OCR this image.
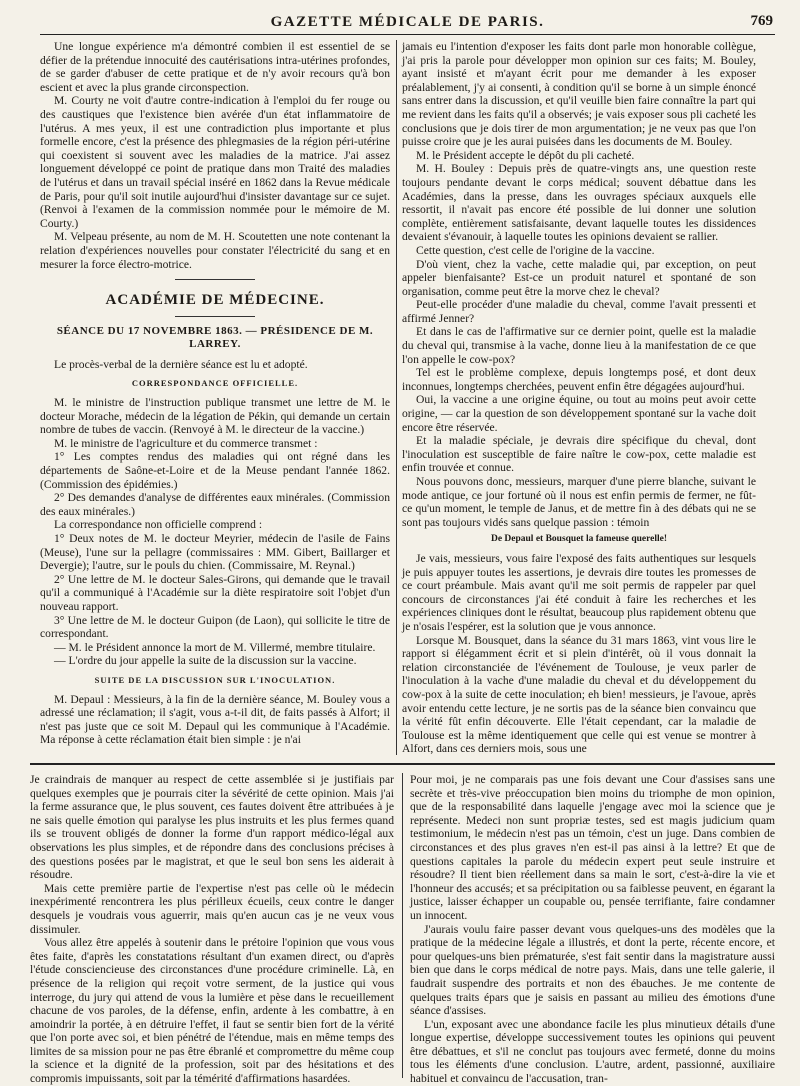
GAZETTE MÉDICALE DE PARIS.	769

Une longue expérience m'a démontré combien il est essentiel de se défier de la prétendue innocuité des cautérisations intra-utérines profondes, de se garder d'abuser de cette pratique et de n'y avoir recours qu'à bon escient et avec la plus grande circonspection.

M. Courty ne voit d'autre contre-indication à l'emploi du fer rouge ou des caustiques que l'existence bien avérée d'un état inflammatoire de l'utérus. A mes yeux, il est une contradiction plus importante et plus formelle encore, c'est la présence des phlegmasies de la région péri-utérine qui coexistent si souvent avec les maladies de la matrice. J'ai assez longuement développé ce point de pratique dans mon Traité des maladies de l'utérus et dans un travail spécial inséré en 1862 dans la Revue médicale de Paris, pour qu'il soit inutile aujourd'hui d'insister davantage sur ce sujet. (Renvoi à l'examen de la commission nommée pour le mémoire de M. Courty.)

M. Velpeau présente, au nom de M. H. Scoutetten une note contenant la relation d'expériences nouvelles pour constater l'électricité du sang et en mesurer la force électro-motrice.

ACADÉMIE DE MÉDECINE.
SÉANCE DU 17 NOVEMBRE 1863. — PRÉSIDENCE DE M. LARREY.

Le procès-verbal de la dernière séance est lu et adopté.

CORRESPONDANCE OFFICIELLE.

M. le ministre de l'instruction publique transmet une lettre de M. le docteur Morache, médecin de la légation de Pékin, qui demande un certain nombre de tubes de vaccin. (Renvoyé à M. le directeur de la vaccine.)

M. le ministre de l'agriculture et du commerce transmet :

1° Les comptes rendus des maladies qui ont régné dans les départements de Saône-et-Loire et de la Meuse pendant l'année 1862. (Commission des épidémies.)

2° Des demandes d'analyse de différentes eaux minérales. (Commission des eaux minérales.)

La correspondance non officielle comprend :

1° Deux notes de M. le docteur Meyrier, médecin de l'asile de Fains (Meuse), l'une sur la pellagre (commissaires : MM. Gibert, Baillarger et Devergie); l'autre, sur le pouls du chien. (Commissaire, M. Reynal.)

2° Une lettre de M. le docteur Sales-Girons, qui demande que le travail qu'il a communiqué à l'Académie sur la diète respiratoire soit l'objet d'un nouveau rapport.

3° Une lettre de M. le docteur Guipon (de Laon), qui sollicite le titre de correspondant.

— M. le Président annonce la mort de M. Villermé, membre titulaire.

— L'ordre du jour appelle la suite de la discussion sur la vaccine.

SUITE DE LA DISCUSSION SUR L'INOCULATION.

M. Depaul : Messieurs, à la fin de la dernière séance, M. Bouley vous a adressé une réclamation; il s'agit, vous a-t-il dit, de faits passés à Alfort; il n'est pas juste que ce soit M. Depaul qui les communique à l'Académie. Ma réponse à cette réclamation était bien simple : je n'ai

jamais eu l'intention d'exposer les faits dont parle mon honorable collègue, j'ai pris la parole pour développer mon opinion sur ces faits; M. Bouley, ayant insisté et m'ayant écrit pour me demander à les exposer préalablement, j'y ai consenti, à condition qu'il se borne à un simple énoncé sans entrer dans la discussion, et qu'il veuille bien faire connaître la part qui me revient dans les faits qu'il a observés; je vais exposer sous pli cacheté les conclusions que je dois tirer de mon argumentation; je ne veux pas que l'on puisse croire que je les aurai puisées dans les documents de M. Bouley.

M. le Président accepte le dépôt du pli cacheté.

M. H. Bouley : Depuis près de quatre-vingts ans, une question reste toujours pendante devant le corps médical; souvent débattue dans les Académies, dans la presse, dans les ouvrages spéciaux auxquels elle ressortit, il n'avait pas encore été possible de lui donner une solution complète, entièrement satisfaisante, devant laquelle toutes les dissidences devaient s'évanouir, à laquelle toutes les opinions devaient se rallier.

Cette question, c'est celle de l'origine de la vaccine.

D'où vient, chez la vache, cette maladie qui, par exception, on peut appeler bienfaisante? Est-ce un produit naturel et spontané de son organisation, comme peut être la morve chez le cheval?

Peut-elle procéder d'une maladie du cheval, comme l'avait pressenti et affirmé Jenner?

Et dans le cas de l'affirmative sur ce dernier point, quelle est la maladie du cheval qui, transmise à la vache, donne lieu à la manifestation de ce que l'on appelle le cow-pox?

Tel est le problème complexe, depuis longtemps posé, et dont deux inconnues, longtemps cherchées, peuvent enfin être dégagées aujourd'hui.

Oui, la vaccine a une origine équine, ou tout au moins peut avoir cette origine, — car la question de son développement spontané sur la vache doit encore être réservée.

Et la maladie spéciale, je devrais dire spécifique du cheval, dont l'inoculation est susceptible de faire naître le cow-pox, cette maladie est enfin trouvée et connue.

Nous pouvons donc, messieurs, marquer d'une pierre blanche, suivant le mode antique, ce jour fortuné où il nous est enfin permis de fermer, ne fût-ce qu'un moment, le temple de Janus, et de mettre fin à des débats qui ne se sont pas toujours vidés sans quelque passion : témoin

De Depaul et Bousquet la fameuse querelle!

Je vais, messieurs, vous faire l'exposé des faits authentiques sur lesquels je puis appuyer toutes les assertions, je devrais dire toutes les promesses de ce court préambule. Mais avant qu'il me soit permis de rappeler par quel concours de circonstances j'ai été conduit à faire les recherches et les expériences cliniques dont le résultat, beaucoup plus rapidement obtenu que je n'osais l'espérer, est la solution que je vous annonce.

Lorsque M. Bousquet, dans la séance du 31 mars 1863, vint vous lire le rapport si élégamment écrit et si plein d'intérêt, où il vous donnait la relation circonstanciée de l'événement de Toulouse, je veux parler de l'inoculation à la vache d'une maladie du cheval et du développement du cow-pox à la suite de cette inoculation; eh bien! messieurs, je l'avoue, après avoir entendu cette lecture, je ne sortis pas de la séance bien convaincu que la vérité fût enfin découverte. Elle l'était cependant, car la maladie de Toulouse est la même identiquement que celle qui est venue se montrer à Alfort, dans ces derniers mois, sous une

Je craindrais de manquer au respect de cette assemblée si je justifiais par quelques exemples que je pourrais citer la sévérité de cette opinion. Mais j'ai la ferme assurance que, le plus souvent, ces fautes doivent être attribuées à je ne sais quelle émotion qui paralyse les plus instruits et les plus fermes quand ils se trouvent obligés de donner la forme d'un rapport médico-légal aux observations les plus simples, et de répondre dans des conclusions précises à des questions posées par le magistrat, et que le seul bon sens les aiderait à résoudre.

Mais cette première partie de l'expertise n'est pas celle où le médecin inexpérimenté rencontrera les plus périlleux écueils, ceux contre le danger desquels je voudrais vous aguerrir, mais qu'en aucun cas je ne veux vous dissimuler.

Vous allez être appelés à soutenir dans le prétoire l'opinion que vous vous êtes faite, d'après les constatations résultant d'un examen direct, ou d'après l'étude consciencieuse des circonstances d'une procédure criminelle. Là, en présence de la religion qui reçoit votre serment, de la justice qui vous interroge, du jury qui attend de vous la lumière et pèse dans le recueillement chacune de vos paroles, de la défense, enfin, ardente à les combattre, à en amoindrir la portée, à en détruire l'effet, il faut se sentir bien fort de la vérité que l'on porte avec soi, et bien pénétré de l'étendue, mais en même temps des limites de sa mission pour ne pas être ébranlé et compromettre du même coup la science et la dignité de la profession, soit par des hésitations et des compromis impuissants, soit par la témérité d'affirmations hasardées.

Pour moi, je ne comparais pas une fois devant une Cour d'assises sans une secrète et très-vive préoccupation bien moins du triomphe de mon opinion, que de la responsabilité dans laquelle j'engage avec moi la science que je représente. Medeci non sunt propriæ testes, sed est magis judicium quam testimonium, le médecin n'est pas un témoin, c'est un juge. Dans combien de circonstances et des plus graves n'en est-il pas ainsi à la lettre? Et que de questions capitales la parole du médecin expert peut seule instruire et résoudre? Il tient bien réellement dans sa main le sort, c'est-à-dire la vie et l'honneur des accusés; et sa précipitation ou sa faiblesse peuvent, en égarant la justice, laisser échapper un coupable ou, pensée terrifiante, faire condamner un innocent.

J'aurais voulu faire passer devant vous quelques-uns des modèles que la pratique de la médecine légale a illustrés, et dont la perte, récente encore, et pour quelques-uns bien prématurée, s'est fait sentir dans la magistrature aussi bien que dans le corps médical de notre pays. Mais, dans une telle galerie, il faudrait suspendre des portraits et non des ébauches. Je me contente de quelques traits épars que je saisis en passant au milieu des émotions d'une séance d'assises.

L'un, exposant avec une abondance facile les plus minutieux détails d'une longue expertise, développe successivement toutes les opinions qui peuvent être débattues, et s'il ne conclut pas toujours avec fermeté, donne du moins tous les éléments d'une conclusion. L'autre, ardent, passionné, auxiliaire habituel et convaincu de l'accusation, tran-
